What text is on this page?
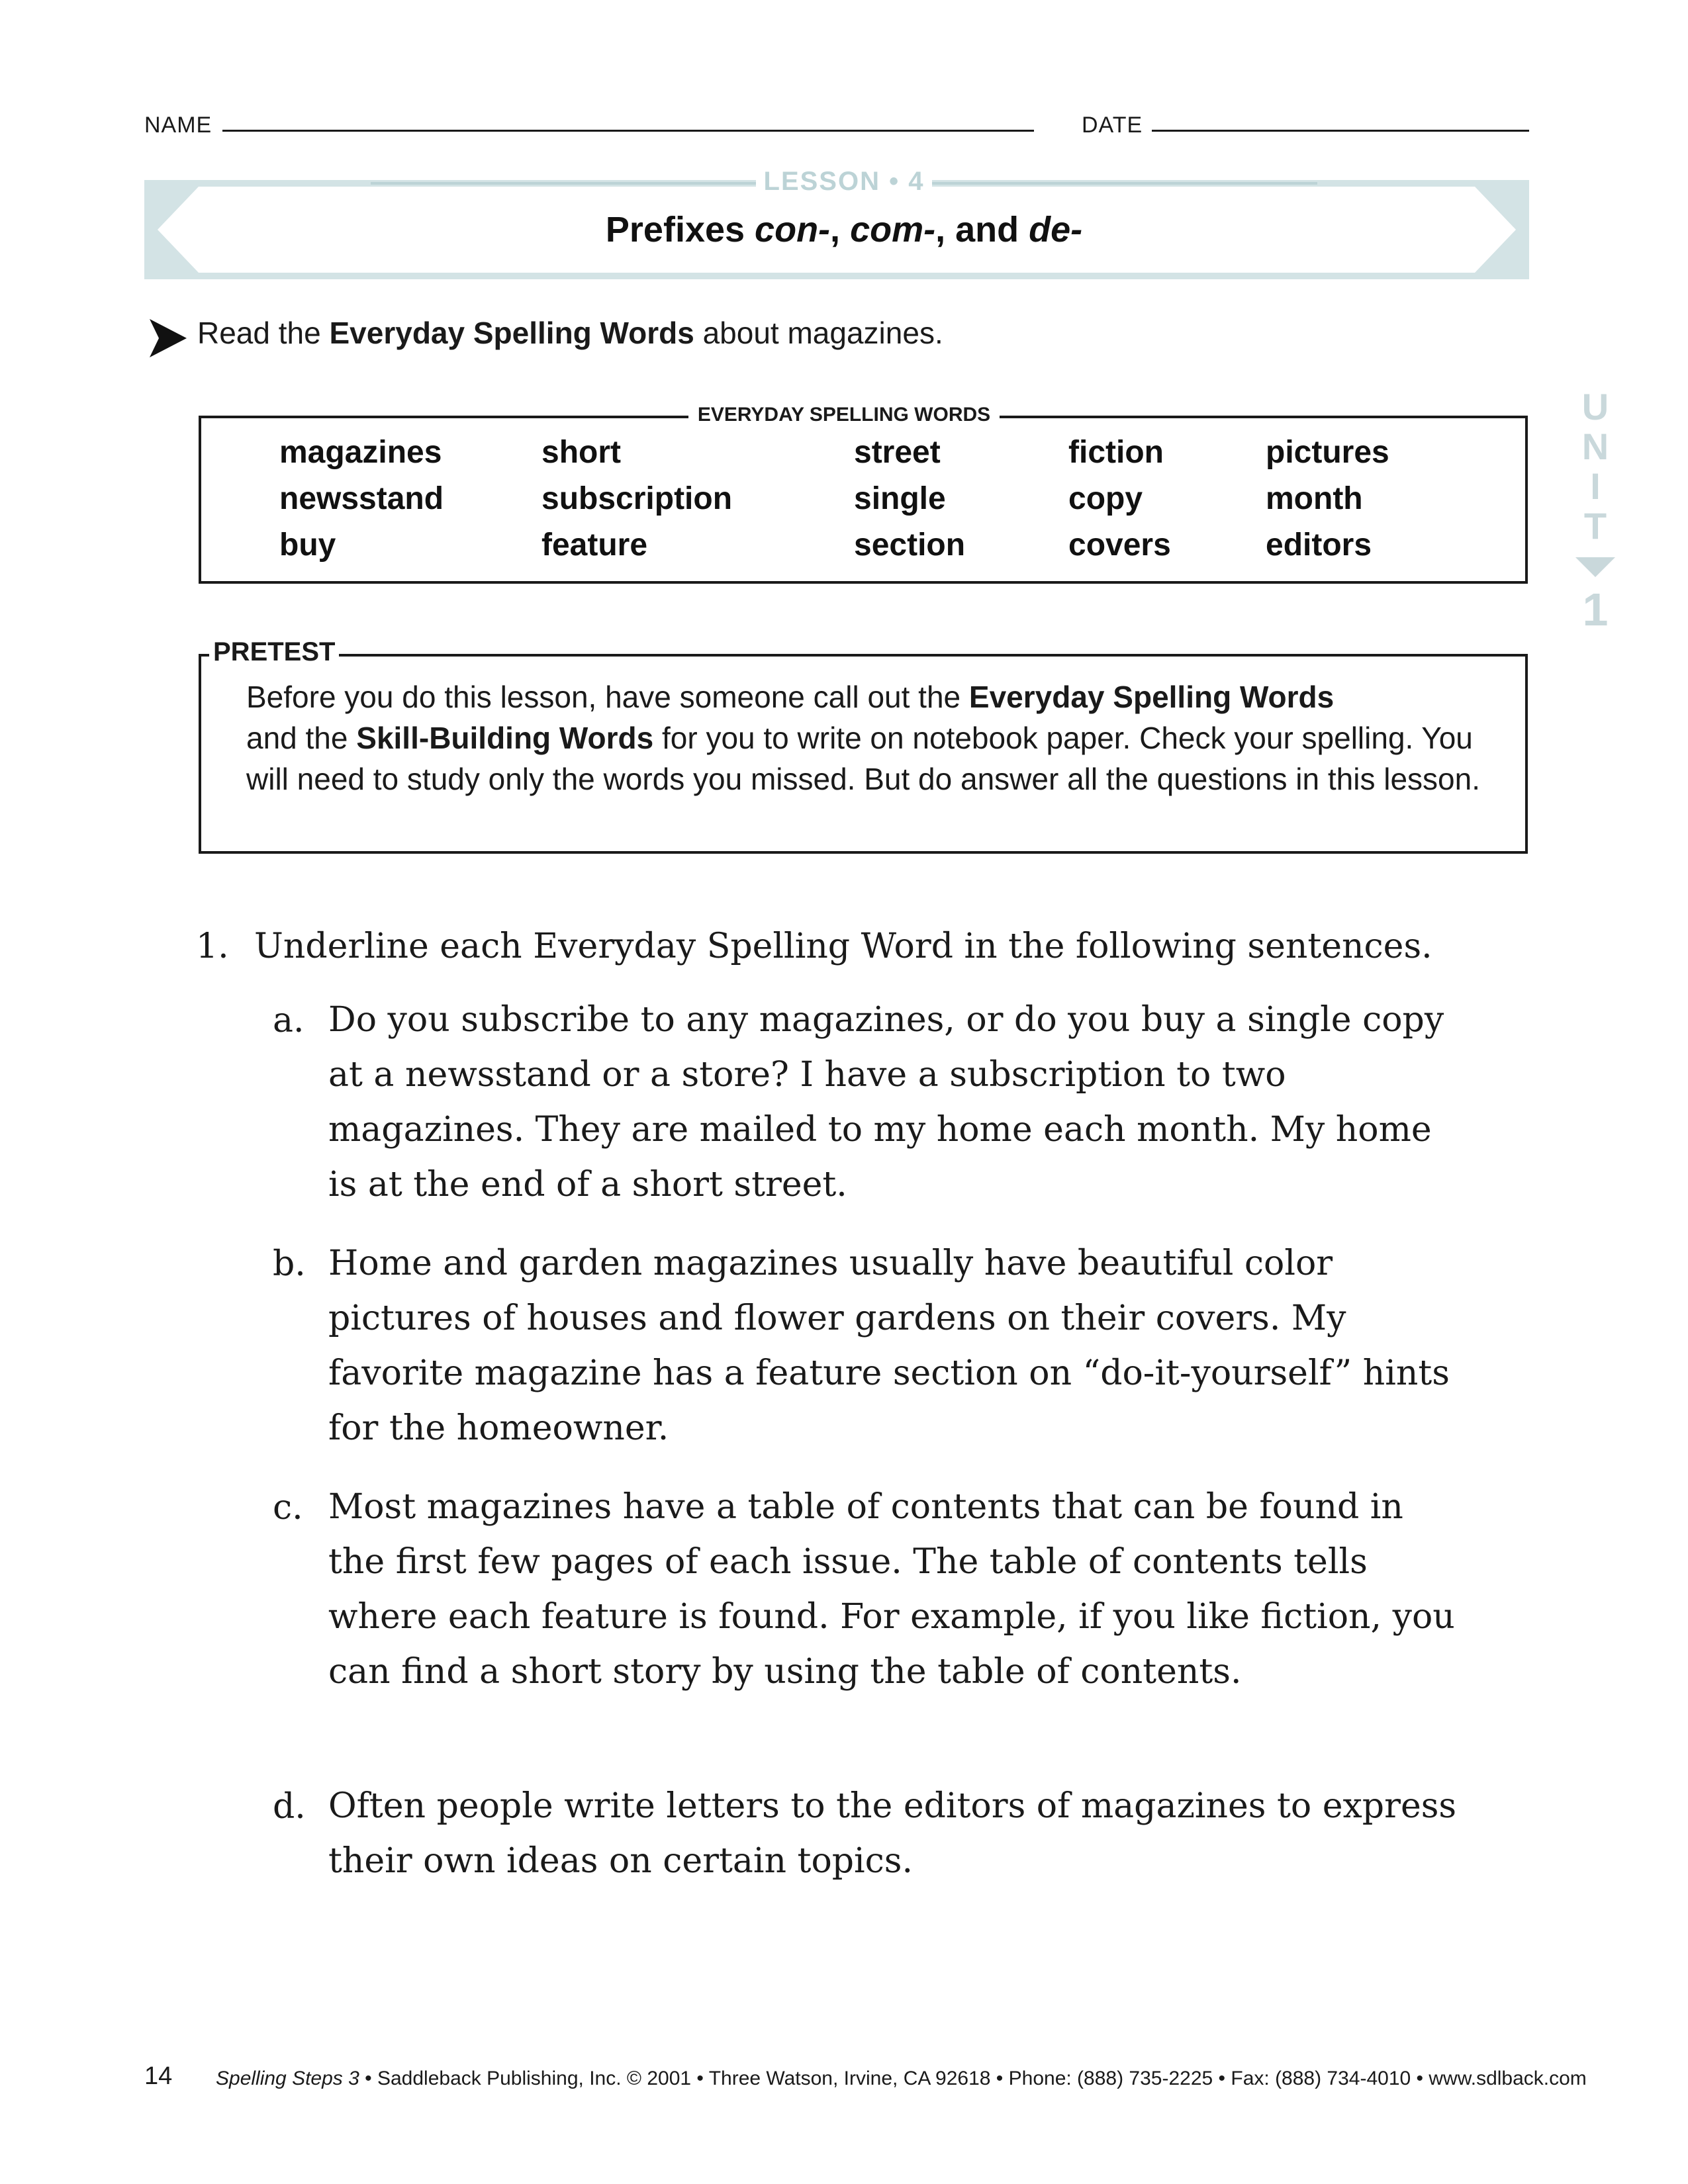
NAME	DATE
LESSON • 4
Prefixes con-, com-, and de-
Read the Everyday Spelling Words about magazines.
EVERYDAY SPELLING WORDS
magazines
newsstand
buy
short
subscription
feature
street
single
section
fiction
copy
covers
pictures
month
editors
U
N
I
T
1
PRETEST
Before you do this lesson, have someone call out the Everyday Spelling Words
and the Skill-Building Words for you to write on notebook paper. Check your spelling. You will need to study only the words you missed. But do answer all the questions in this lesson.
1. Underline each Everyday Spelling Word in the following sentences.
a. Do you subscribe to any magazines, or do you buy a single copy at a newsstand or a store? I have a subscription to two magazines. They are mailed to my home each month. My home is at the end of a short street.
b. Home and garden magazines usually have beautiful color pictures of houses and flower gardens on their covers. My favorite magazine has a feature section on “do-it-yourself” hints for the homeowner.
c. Most magazines have a table of contents that can be found in the first few pages of each issue. The table of contents tells where each feature is found. For example, if you like fiction, you can find a short story by using the table of contents.
d. Often people write letters to the editors of magazines to express their own ideas on certain topics.
14 Spelling Steps 3 • Saddleback Publishing, Inc. © 2001 • Three Watson, Irvine, CA 92618 • Phone: (888) 735-2225 • Fax: (888) 734-4010 • www.sdlback.com
